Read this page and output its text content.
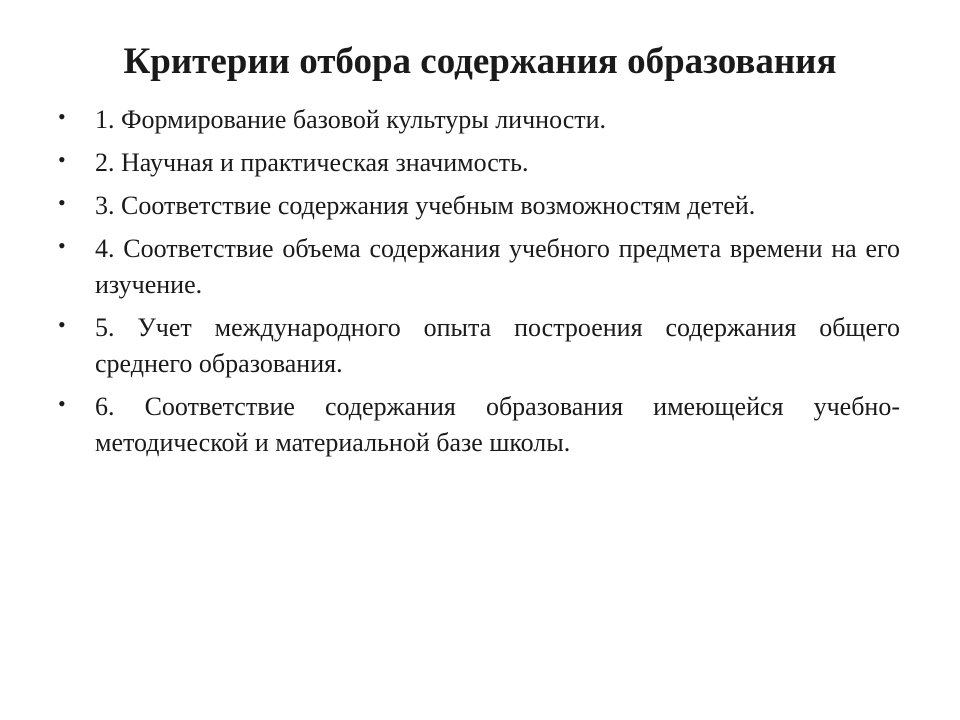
Критерии отбора содержания образования
•	1. Формирование базовой культуры личности.
•	2. Научная и практическая значимость.
•	3. Соответствие содержания учебным возможностям детей.
•	4. Соответствие объема содержания учебного предмета времени на его изучение.
•	5. Учет международного опыта построения содержания общего среднего образования.
•	6. Соответствие содержания образования имеющейся учебно-методической и материальной базе школы.
